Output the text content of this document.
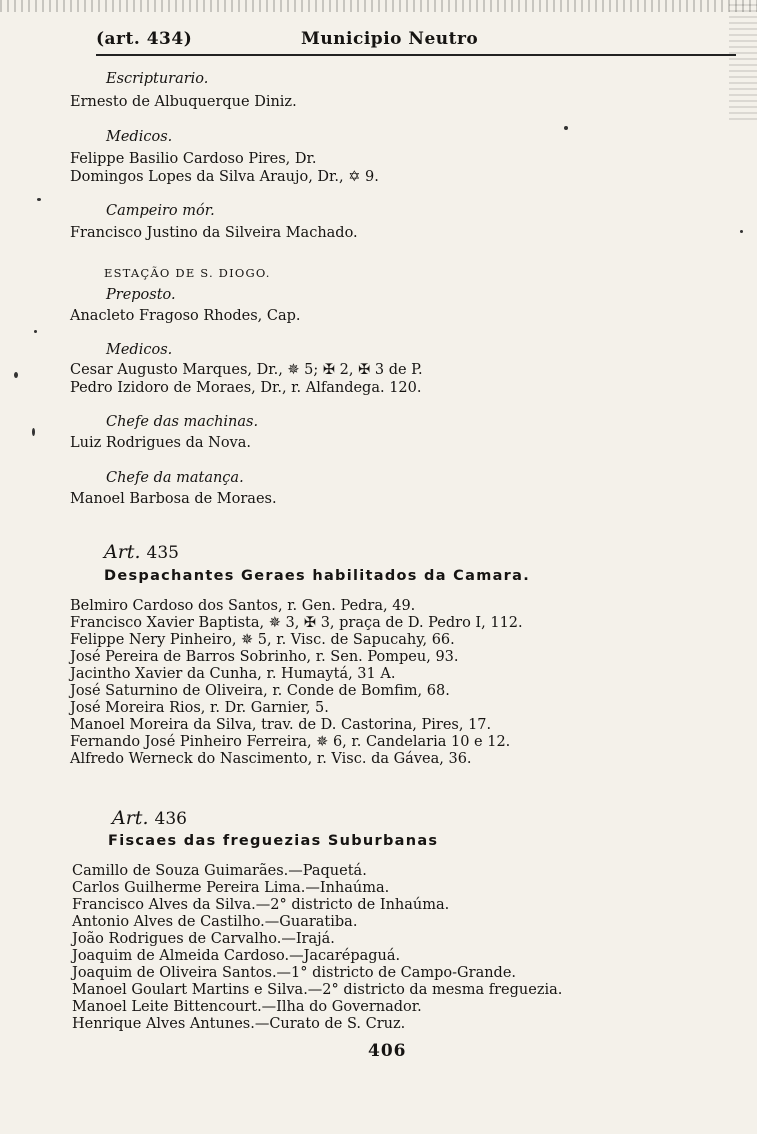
(art. 434)	Municipio Neutro
Escripturario.
Ernesto de Albuquerque Diniz.
Medicos.
Felippe Basilio Cardoso Pires, Dr.
Domingos Lopes da Silva Araujo, Dr., ✡ 9.
Campeiro mór.
Francisco Justino da Silveira Machado.
ESTAÇÃO DE S. DIOGO.
Preposto.
Anacleto Fragoso Rhodes, Cap.
Medicos.
Cesar Augusto Marques, Dr., ✵ 5; ✠ 2, ✠ 3 de P.
Pedro Izidoro de Moraes, Dr., r. Alfandega. 120.
Chefe das machinas.
Luiz Rodrigues da Nova.
Chefe da matança.
Manoel Barbosa de Moraes.
Art. 435
Despachantes Geraes habilitados da Camara.
Belmiro Cardoso dos Santos, r. Gen. Pedra, 49.
Francisco Xavier Baptista, ✵ 3, ✠ 3, praça de D. Pedro I, 112.
Felippe Nery Pinheiro, ✵ 5, r. Visc. de Sapucahy, 66.
José Pereira de Barros Sobrinho, r. Sen. Pompeu, 93.
Jacintho Xavier da Cunha, r. Humaytá, 31 A.
José Saturnino de Oliveira, r. Conde de Bomfim, 68.
José Moreira Rios, r. Dr. Garnier, 5.
Manoel Moreira da Silva, trav. de D. Castorina, Pires, 17.
Fernando José Pinheiro Ferreira, ✵ 6, r. Candelaria 10 e 12.
Alfredo Werneck do Nascimento, r. Visc. da Gávea, 36.
Art. 436
Fiscaes das freguezias Suburbanas
Camillo de Souza Guimarães.—Paquetá.
Carlos Guilherme Pereira Lima.—Inhaúma.
Francisco Alves da Silva.—2° districto de Inhaúma.
Antonio Alves de Castilho.—Guaratiba.
João Rodrigues de Carvalho.—Irajá.
Joaquim de Almeida Cardoso.—Jacarépaguá.
Joaquim de Oliveira Santos.—1° districto de Campo-Grande.
Manoel Goulart Martins e Silva.—2° districto da mesma freguezia.
Manoel Leite Bittencourt.—Ilha do Governador.
Henrique Alves Antunes.—Curato de S. Cruz.
406
